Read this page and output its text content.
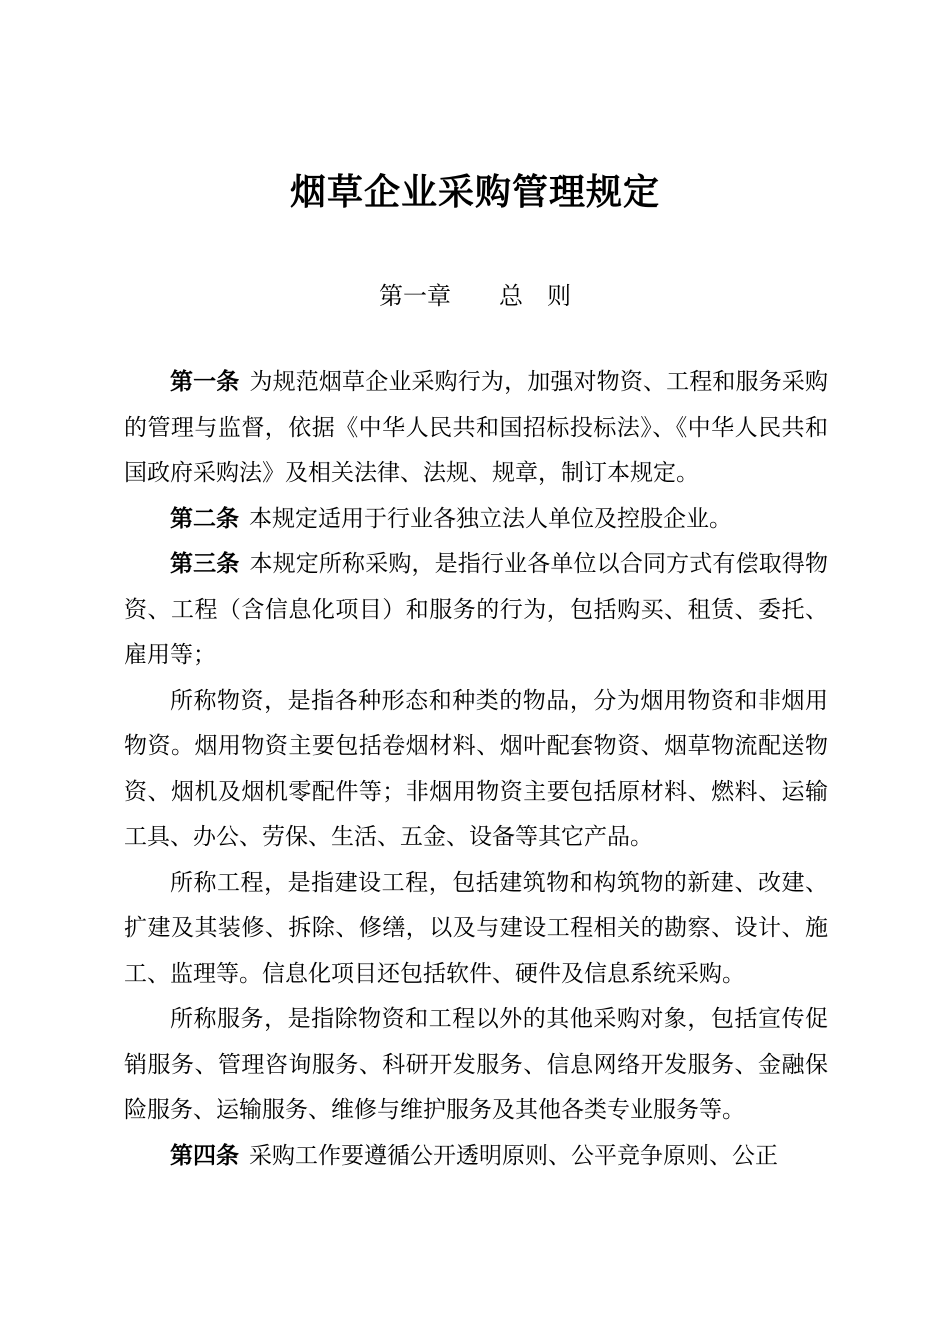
烟草企业采购管理规定
第一章　　 总　则

第一条 为规范烟草企业采购行为，加强对物资、工程和服务采购的管理与监督，依据《中华人民共和国招标投标法》、《中华人民共和国政府采购法》及相关法律、法规、规章，制订本规定。

第二条 本规定适用于行业各独立法人单位及控股企业。

第三条 本规定所称采购，是指行业各单位以合同方式有偿取得物资、工程（含信息化项目）和服务的行为，包括购买、租赁、委托、雇用等；

所称物资，是指各种形态和种类的物品，分为烟用物资和非烟用物资。烟用物资主要包括卷烟材料、烟叶配套物资、烟草物流配送物资、烟机及烟机零配件等；非烟用物资主要包括原材料、燃料、运输工具、办公、劳保、生活、五金、设备等其它产品。

所称工程，是指建设工程，包括建筑物和构筑物的新建、改建、扩建及其装修、拆除、修缮，以及与建设工程相关的勘察、设计、施工、监理等。信息化项目还包括软件、硬件及信息系统采购。

所称服务，是指除物资和工程以外的其他采购对象，包括宣传促销服务、管理咨询服务、科研开发服务、信息网络开发服务、金融保险服务、运输服务、维修与维护服务及其他各类专业服务等。

第四条 采购工作要遵循公开透明原则、公平竞争原则、公正
